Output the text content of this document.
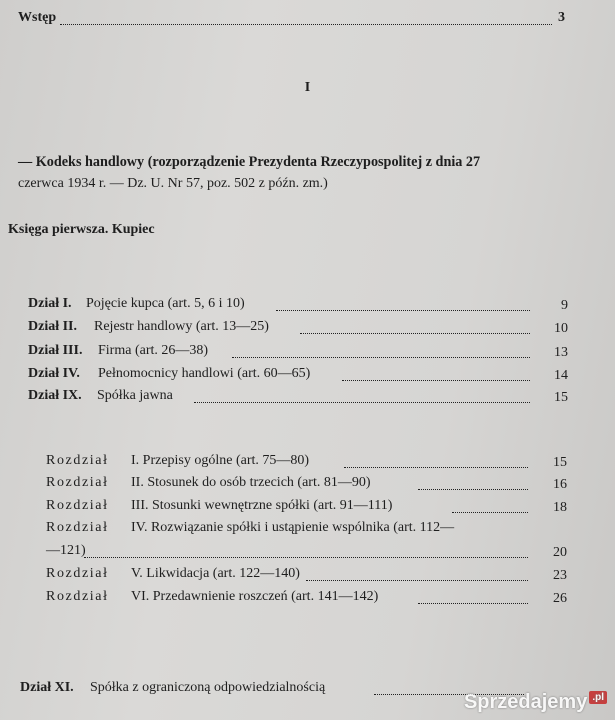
Wstęp	3
I
— Kodeks handlowy (rozporządzenie Prezydenta Rzeczypospolitej z dnia 27
czerwca 1934 r. — Dz. U. Nr 57, poz. 502 z późn. zm.)
Księga pierwsza. Kupiec
Dział I. Pojęcie kupca (art. 5, 6 i 10)	9
Dział II. Rejestr handlowy (art. 13—25)	10
Dział III. Firma (art. 26—38)	13
Dział IV. Pełnomocnicy handlowi (art. 60—65)	14
Dział IX. Spółka jawna	15
Rozdział I. Przepisy ogólne (art. 75—80)	15
Rozdział II. Stosunek do osób trzecich (art. 81—90)	16
Rozdział III. Stosunki wewnętrzne spółki (art. 91—111)	18
Rozdział IV. Rozwiązanie spółki i ustąpienie wspólnika (art. 112—
—121)	20
Rozdział V. Likwidacja (art. 122—140)	23
Rozdział VI. Przedawnienie roszczeń (art. 141—142)	26
Dział XI. Spółka z ograniczoną odpowiedzialnością
Sprzedajemy .pl
